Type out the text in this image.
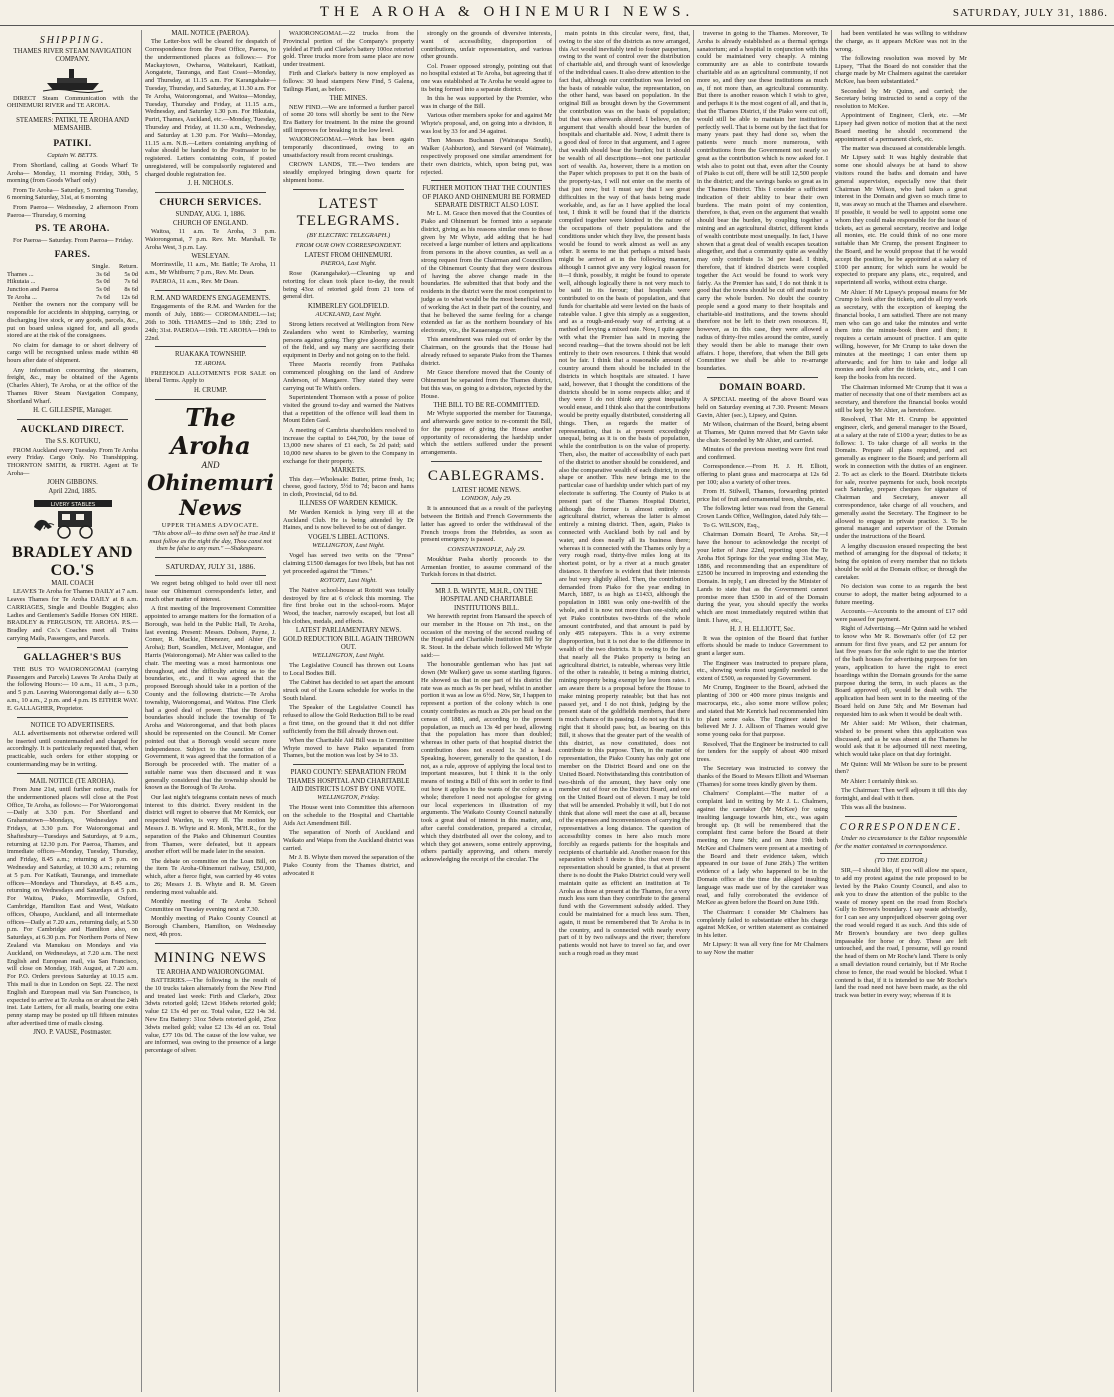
THE AROHA & OHINEMURI NEWS.	SATURDAY, JULY 31, 1886.
SHIPPING.
THAMES RIVER STEAM NAVIGATION COMPANY.

DIRECT Steam Communication with the OHINEMURI RIVER and TE AROHA.

STEAMERS: PATIKI, TE AROHA AND MEMSAHIB.
PATIKI.
Captain W. BETTS.

From Shortland, calling at Goods Wharf Te Aroha— Monday, 11 morning Friday, 30th, 5 morning (from Goods Wharf only)

From Te Aroha— Saturday, 5 morning Tuesday, 6 morning Saturday, 31st, at 6 morning

From Paeroa— Wednesday, 2 afternoon From Paeroa— Thursday, 6 morning

PS. TE AROHA.

For Paeroa— Saturday. From Paeroa— Friday.

FARES.
	Single.	Return.
Thames ...	3s 6d	5s 0d
Hikutaia ...	5s 0d	7s 6d
Junction and Paeroa	5s 0d	8s 6d
Te Aroha ...	7s 6d	12s 6d

Neither the owners nor the company will be responsible for accidents in shipping, carrying, or discharging live stock, or any goods, parcels, &c., put on board unless signed for, and all goods stored are at the risk of the consignees.

No claim for damage to or short delivery of cargo will be recognised unless made within 48 hours after date of shipment.

Any information concerning the steamers, freight, &c., may be obtained of the Agents (Charles Ahier), Te Aroha, or at the office of the Thames River Steam Navigation Company, Shortland Wharf.

H. C. GILLESPIE, Manager.
AUCKLAND DIRECT.
The S.S. KOTUKU,

FROM Auckland every Tuesday. From Te Aroha every Friday. Cargo Only. No Transhipping. THORNTON SMITH, & FIRTH. Agent at Te Aroha—

JOHN GIBBONS.
April 22nd, 1885.
LIVERY STABLES
BRADLEY AND CO.'S
MAIL COACH

LEAVES Te Aroha for Thames DAILY at 7 a.m. Leaves Thames for Te Aroha DAILY at 8 a.m. CARRIAGES, Single and Double Buggies; also Ladies and Gentlemen's Saddle Horses ON HIRE. BRADLEY & FERGUSON, TE AROHA. P.S.—Bradley and Co.'s Coaches meet all Trains carrying Mails, Passengers, and Parcels.

GALLAGHER'S BUS

THE BUS TO WAIORONGOMAI (carrying Passengers and Parcels) Leaves Te Aroha Daily at the following Hours:— 10 a.m., 11 a.m., 3 p.m., and 5 p.m. Leaving Waiorongomai daily at— 6.30 a.m., 10 a.m., 2 p.m. and 4 p.m. IS EITHER WAY. E. GALLAGHER, Proprietor.

NOTICE TO ADVERTISERS.

ALL advertisements not otherwise ordered will be inserted until countermanded and charged for accordingly. It is particularly requested that, when practicable, such orders for either stopping or countermanding may be in writing.

MAIL NOTICE (TE AROHA).

From June 21st, until further notice, mails for the undermentioned places will close at the Post Office, Te Aroha, as follows:— For Waiorongomai—Daily at 3.30 p.m. For Shortland and Grahamstown—Mondays, Wednesdays and Fridays, at 3.30 p.m. For Waiorongomai and Shaftesbury—Tuesdays and Saturdays, at 9 a.m., returning at 12.30 p.m. For Paeroa, Thames, and immediate offices—Monday, Tuesday, Thursday, and Friday, 8.45 a.m.; returning at 5 p.m. on Wednesday and Saturday, at 10.30 a.m.; returning at 5 p.m. For Katikati, Tauranga, and immediate offices—Mondays and Thursdays, at 8.45 a.m., returning on Wednesdays and Saturdays at 5 p.m. For Waitoa, Piako, Morrinsville, Oxford, Cambridge, Hamilton East and West, Waikato offices, Ohaupo, Auckland, and all intermediate offices—Daily at 7.20 a.m., returning daily, at 5.30 p.m. For Cambridge and Hamilton also, on Saturdays, at 6.30 p.m. For Northern Ports of New Zealand via Manukau on Mondays and via Auckland, on Wednesdays, at 7.20 a.m. The next English and European mail, via San Francisco, will close on Monday, 16th August, at 7.20 a.m. For P.O. Orders previous Saturday at 10.15 a.m. This mail is due in London on Sept. 22. The next English and European mail via San Francisco, is expected to arrive at Te Aroha on or about the 24th inst. Late Letters, for all mails, bearing one extra penny stamp may be posted up till fifteen minutes after advertised time of mails closing.

JNO. P. VAUSE, Postmaster.
MAIL NOTICE (PAEROA).

The Letter-box will be cleared for despatch of Correspondence from the Post Office, Paeroa, to the undermentioned places as follows:— For Mackaytown, Owharoa, Waitekauri, Katikati, Aongatete, Tauranga, and East Coast—Monday, and Thursday, at 11.15 a.m. For Karangahake—Tuesday, Thursday, and Saturday, at 11.30 a.m. For Te Aroha, Waiorongomai, and Waitoa—Monday, Tuesday, Thursday and Friday, at 11.15 a.m., Wednesday, and Saturday 1.30 p.m. For Hikutaia, Puriri, Thames, Auckland, etc.—Monday, Tuesday, Thursday and Friday, at 11.30 a.m., Wednesday, and Saturday at 1.30 p.m. For Waihi—Monday, 11.15 a.m. N.B.—Letters containing anything of value should be handed to the Postmaster to be registered. Letters containing coin, if posted unregistered, will be compulsorily registered and charged double registration fee.

J. H. NICHOLS.
CHURCH SERVICES.
SUNDAY, AUG. 1, 1886.
CHURCH OF ENGLAND.

Waitoa, 11 a.m. Te Aroha, 3 p.m. Waiorongomai, 7 p.m. Rev. Mr. Marshall. Te Aroha West, 3 p.m. Lay.

WESLEYAN.

Morrinsville, 11 a.m., Mr. Battle; Te Aroha, 11 a.m., Mr Whitburn; 7 p.m., Rev. Mr. Dean.

PAEROA, 11 a.m., Rev. Mr Dean.

R.M. AND WARDEN'S ENGAGEMENTS.

Engagements of the R.M. and Warden for the month of July, 1886:— COROMANDEL—1st; 26th to 30th. THAMES—2nd to 18th; 23rd to 24th; 31st. PAEROA—19th. TE AROHA—19th to 22nd.

RUAKAKA TOWNSHIP.
TE AROHA.

FREEHOLD ALLOTMENTS FOR SALE on liberal Terms. Apply to

H. CRUMP.
The Aroha
AND
Ohinemuri News
UPPER THAMES ADVOCATE.

"This above all—to thine own self be true And it must follow as the night the day, Thou canst not then be false to any man." —Shakespeare.

SATURDAY, JULY 31, 1886.

We regret being obliged to hold over till next issue our Ohinemuri correspondent's letter, and much other matter of interest.

A first meeting of the Improvement Committee appointed to arrange matters for the formation of a Borough, was held in the Public Hall, Te Aroha, last evening. Present: Messrs. Dobson, Payne, J. Comer, R. Mackie, Ebenezer, and Ahier (Te Aroha); Burt, Scandlen, McLiver, Montague, and Harris (Waiorongomai). Mr Ahier was called to the chair. The meeting was a most harmonious one throughout, and the difficulty arising as to the boundaries, etc., and it was agreed that the proposed Borough should take in a portion of the County and the following districts:—Te Aroha township, Waiorongomai, and Waitoa. Fine Clerk had a good deal of power. That the Borough boundaries should include the township of Te Aroha and Waiorongomai, and that both places should be represented on the Council. Mr Comer pointed out that a Borough would secure more independence. Subject to the sanction of the Government, it was agreed that the formation of a Borough be proceeded with. The matter of a suitable name was then discussed and it was generally considered that the township should be known as the Borough of Te Aroha.

Our last night's telegrams contain news of much interest to this district. Every resident in the district will regret to observe that Mr Kemick, our respected Warden, is very ill. The motion by Messrs J. B. Whyte and R. Monk, M'H.R., for the separation of the Piako and Ohinemuri Counties from Thames, were defeated, but it appears another effort will be made later in the session.

The debate on committee on the Loan Bill, on the item Te Aroha-Ohinemuri railway, £50,000, which, after a fierce fight, was carried by 46 votes to 26; Messrs J. B. Whyte and R. M. Green rendering most valuable aid.

Monthly meeting of Te Aroha School Committee on Tuesday evening next at 7.30.

Monthly meeting of Piako County Council at Borough Chambers, Hamilton, on Wednesday next, 4th prox.

MINING NEWS
TE AROHA AND WAIORONGOMAI.

BATTERIES.—The following is the result of the 10 trucks taken alternately from the New Find and treated last week: Firth and Clarke's, 20oz 3dwts retorted gold; 12cwt 16dwts retorted gold; value £2 13s 4d per oz. Total value, £22 14s 3d. New Era Battery: 31oz 5dwts retorted gold, 25oz 3dwts melted gold; value £2 13s 4d an oz. Total value, £77 10s 0d. The cause of the low value, we are informed, was owing to the presence of a large percentage of silver.

WAIORONGOMAI.—22 trucks from the Provincial portion of the Company's property yielded at Firth and Clarke's battery 100oz retorted gold. Three trucks more from same place are now under treatment.

Firth and Clarke's battery is now employed as follows: 30 head stampers New Find, 5 Galena, Tailings Plant, as before.

THE MINES.

NEW FIND.—We are informed a further parcel of some 20 tons will shortly be sent to the New Era Battery for treatment. In the mine the ground still improves for breaking in the low level.

WAIORONGOMAI.—Work has been again temporarily discontinued, owing to an unsatisfactory result from recent crushings.

CROWN LANDS, TE.—Two tenders are steadily employed bringing down quartz for shipment home.

LATEST TELEGRAMS.
(BY ELECTRIC TELEGRAPH.)
FROM OUR OWN CORRESPONDENT.
LATEST FROM OHINEMURI.
PAEROA, Last Night.

Rose (Karangahake).—Cleaning up and retorting for clean took place to-day, the result being 43oz of retorted gold from 21 tons of general dirt.

KIMBERLEY GOLDFIELD.
AUCKLAND, Last Night.

Strong letters received at Wellington from New Zealanders who went to Kimberley, warning persons against going. They give gloomy accounts of the field, and say many are sacrificing their equipment in Derby and not going on to the field.

Three Maoris recently from Patihaka commenced ploughing on the land of Andrew Anderson, of Mangaere. They stated they were carrying out Te Whiti's orders.

Superintendent Thomson with a posse of police visited the ground to-day and warned the Natives that a repetition of the offence will lead them in Mount Eden Gaol.

A meeting of Cambria shareholders resolved to increase the capital to £44,700, by the issue of 13,000 new shares of £1 each, 5s 2d paid; said 10,000 new shares to be given to the Company in exchange for their property.

MARKETS.

This day.—Wholesale: Butter, prime fresh, 1s; cheese, good factory, 5½d to 7d; bacon and hams in cloth, Provincial, 6d to 8d.

ILLNESS OF WARDEN KEMICK.

Mr Warden Kemick is lying very ill at the Auckland Club. He is being attended by Dr Haines, and is now believed to be out of danger.

VOGEL'S LIBEL ACTIONS.
WELLINGTON, Last Night.

Vogel has served two writs on the "Press" claiming £1500 damages for two libels, but has not yet proceeded against the "Times."

ROTOITI, Last Night.

The Native school-house at Rotoiti was totally destroyed by fire at 6 o'clock this morning. The fire first broke out in the school-room. Major Wood, the teacher, narrowly escaped, but lost all his clothes, medals, and effects.

LATEST PARLIAMENTARY NEWS.
GOLD REDUCTION BILL AGAIN THROWN OUT.
WELLINGTON, Last Night.

The Legislative Council has thrown out Loans to Local Bodies Bill.

The Cabinet has decided to set apart the amount struck out of the Loans schedule for works in the South Island.

The Speaker of the Legislative Council has refused to allow the Gold Reduction Bill to be read a first time, on the ground that it did not differ sufficiently from the Bill already thrown out.

When the Charitable Aid Bill was in Committee Whyte moved to have Piako separated from Thames, but the motion was lost by 34 to 33.

PIAKO COUNTY: SEPARATION FROM THAMES HOSPITAL AND CHARITABLE AID DISTRICTS LOST BY ONE VOTE.
WELLINGTON, Friday.

The House went into Committee this afternoon on the schedule to the Hospital and Charitable Aids Act Amendment Bill.

The separation of North of Auckland and Waikato and Waipa from the Auckland district was carried.

Mr J. B. Whyte then moved the separation of the Piako County from the Thames district, and advocated it

strongly on the grounds of diversive interests, want of accessibility, disproportion of contributions, unfair representation, and various other grounds.

Col. Fraser opposed strongly, pointing out that no hospital existed at Te Aroha, but agreeing that if one was established at Te Aroha he would agree to its being formed into a separate district.

In this he was supported by the Premier, who was in charge of the Bill.

Various other members spoke for and against Mr Whyte's proposal, and, on going into a division, it was lost by 33 for and 34 against.

Then Messrs Buchanan (Wairarapa South), Walker (Ashburton), and Steward (of Waimate), respectively proposed one similar amendment for their own districts, which, upon being put, was rejected.

FURTHER MOTION THAT THE COUNTIES OF PIAKO AND OHINEMURI BE FORMED SEPARATE DISTRICT ALSO LOST.

Mr L. M. Grace then moved that the Counties of Piako and Ohinemuri be formed into a separate district, giving as his reasons similar ones to those given by Mr Whyte, add adding that he had received a large number of letters and applications from persons in the above counties, as well as a strong request from the Chairman and Councillors of the Ohinemuri County that they were desirous of having the above change made in the boundaries. He submitted that that body and the residents in the district were the most competent to judge as to what would be the most beneficial way of working the Act in their part of the country, and that he believed the same feeling for a change extended as far as the northern boundary of his electorate, viz., the Kauaeranga river.

This amendment was ruled out of order by the Chairman, on the grounds that the House had already refused to separate Piako from the Thames district.

Mr Grace therefore moved that the County of Ohinemuri be separated from the Thames district, but this was, on going to a division, rejected by the House.

THE BILL TO BE RE-COMMITTED.

Mr Whyte supported the member for Tauranga, and afterwards gave notice to re-commit the Bill, for the purpose of giving the House another opportunity of reconsidering the hardship under which the settlers suffered under the present arrangements.

CABLEGRAMS.
LATEST HOME NEWS.
LONDON, July 29.

It is announced that as a result of the parleying between the British and French Governments the latter has agreed to order the withdrawal of the French troops from the Hebrides, as soon as present emergency is passed.

CONSTANTINOPLE, July 29.

Moukhtar Pasha shortly proceeds to the Armenian frontier, to assume command of the Turkish forces in that district.

MR J. B. WHYTE, M.H.R., ON THE HOSPITAL AND CHARITABLE INSTITUTIONS BILL.

We herewith reprint from Hansard the speech of our member in the House on 7th inst., on the occasion of the moving of the second reading of the Hospital and Charitable Institution Bill by Sir R. Stout. In the debate which followed Mr Whyte said:—

The honourable gentleman who has just sat down (Mr Walker) gave us some startling figures. He showed us that in one part of his district the rate was as much as 9s per head, whilst in another portion it was as low as 6½d. Now, Sir, I happen to represent a portion of the colony which is one county contributes as much as 20s per head on the census of 1881, and, according to the present population, as much as 13s 4d per head, allowing that the population has more than doubled; whereas in other parts of that hospital district the contribution does not exceed 1s 3d a head. Speaking, however, generally to the question, I do not, as a rule, approve of applying the local test to important measures, but I think it is the only means of testing a Bill of this sort in order to find out how it applies to the wants of the colony as a whole; therefore I need not apologise for giving our local experiences in illustration of my arguments. The Waikato County Council naturally took a great deal of interest in this matter, and, after careful consideration, prepared a circular, which they distributed all over the colony, and to which they got answers, some entirely approving, others partially approving, and others merely acknowledging the receipt of the circular. The

main points in this circular were, first, that, owing to the size of the districts as now arranged, this Act would inevitably tend to foster pauperism, owing to the want of control over the distribution of charitable aid, and through want of knowledge of the individual cases. It also drew attention to the fact that, although our contribution was levied on the basis of rateable value, the representation, on the other hand, was based on population. In the original Bill as brought down by the Government the contribution was on the basis of population; but that was afterwards altered. I believe, on the argument that wealth should bear the burden of hospitals and charitable aid. Now, I admit there is a good deal of force in that argument, and I agree that wealth should bear the burden; but it should be wealth of all descriptions—not one particular sort of wealth. As, however, there is a motion on the Paper which proposes to put it on the basis of the property-tax, I will not enter on the merits of that just now; but I must say that I see great difficulties in the way of that basis being made workable, and, as far as I have applied the local test, I think it will be found that if the districts compiled together were kindred in the nature of the occupations of their populations and the conditions under which they live, the present basis would be found to work almost as well as any other. It seems to me that perhaps a mixed basis might be arrived at in the following manner, although I cannot give any very logical reason for it—I think, possibly, it might be found to operate well, although logically there is not very much to be said in its favour; that hospitals were contributed to on the basis of population, and that funds for charitable aid were levied on the basis of rateable value. I give this simply as a suggestion, and as a rough-and-ready way of arriving at a method of levying a mixed rate. Now, I quite agree with what the Premier has said in moving the second reading—that the towns should not be left entirely to their own resources. I think that would not be fair. I think that a reasonable amount of country around them should be included in the districts in which hospitals are situated. I have said, however, that I thought the conditions of the districts should be in some respects alike; and if they were I do not think any great inequality would ensue, and I think also that the contributions would be pretty equally distributed, considering all things. Then, as regards the matter of representation, that is at present exceedingly unequal, being as it is on the basis of population, while the contribution is on the value of property. Then, also, the matter of accessibility of each part of the district to another should be considered, and also the comparative wealth of each district, in one shape or another. This new brings me to the particular case of hardship under which part of my electorate is suffering. The County of Piako is at present part of the Thames Hospital District, although the former is almost entirely an agricultural district, whereas the latter is almost entirely a mining district. Then, again, Piako is connected with Auckland both by rail and by water, and does nearly all its business there; whereas it is connected with the Thames only by a very rough road, thirty-five miles long at its shortest point, or by a river at a much greater distance. It therefore is evident that their interests are but very slightly allied. Then, the contribution demanded from Piako for the year ending in March, 1887, is as high as £1433, although the population in 1881 was only one-twelfth of the whole, and it is now not more than one-sixth; and yet Piako contributes two-thirds of the whole amount contributed, and that amount is paid by only 495 ratepayers. This is a very extreme disproportion, but it is not due to the difference in wealth of the two districts. It is owing to the fact that nearly all the Piako property is being an agricultural district, is rateable, whereas very little of the other is rateable, it being a mining district, mining property being exempt by law from rates. I am aware there is a proposal before the House to make mining property rateable; but that has not passed yet, and I do not think, judging by the present state of the goldfields members, that there is much chance of its passing. I do not say that it is right that it should pass; but, as bearing on this Bill, it shows that the greater part of the wealth of this district, as now constituted, does not contribute to this purpose. Then, in the matter of representation, the Piako County has only got one member on the District Board and one on the United Board. Notwithstanding this contribution of two-thirds of the amount, they have only one member out of four on the District Board, and one on the United Board out of eleven. I may be told that will be amended. Probably it will, but I do not think that alone will meet the case at all, because of the expenses and inconveniences of carrying the representatives a long distance. The question of accessibility comes in here also much more forcibly as regards patients for the hospitals and recipients of charitable aid. Another reason for this separation which I desire is this: that even if the representation should be granted, is that at present there is no doubt the Piako District could very well maintain quite as efficient an institution at Te Aroha as those at present at the Thames, for a very much less sum than they contribute to the general fund with the Government subsidy added. They could be maintained for a much less sum. Then, again, it must be remembered that Te Aroha is in the country, and is connected with nearly every part of it by two railways and the river; therefore patients would not have to travel so far, and over such a rough road as they must

traverse in going to the Thames. Moreover, Te Aroha is already established as a thermal springs sanatorium; and a hospital in conjunction with this could be maintained very cheaply. A mining community are as able to contribute towards charitable aid as an agricultural community, if not more so, and they use these institutions as much as, if not more than, an agricultural community. But there is another reason which I wish to give, and perhaps it is the most cogent of all, and that is, that the Thames District, if the Piako were cut off, would still be able to maintain her institutions perfectly well. That is borne out by the fact that for many years past they had done so, when the patients were much more numerous, with contributions from the Government not nearly so great as the contribution which is now asked for. I wish also to point out that, even after the County of Piako is cut off, there will be still 12,500 people in the district; and the savings banks so great as in the Thames District. This I consider a sufficient indication of their ability to bear their own burdens. The main point of my contention, therefore, is that, even on the argument that wealth should bear the burden, by coupling together a mining and an agricultural district, different kinds of wealth contribute most unequally. In fact, I have shown that a great deal of wealth escapes taxation altogether, and that a community quite as wealthy may only contribute 1s 3d per head. I think, therefore, that if kindred districts were coupled together the Act would be found to work very fairly. As the Premier has said, I do not think it is good that the towns should be cut off and made to carry the whole burden. No doubt the country people send a good many to their hospitals and charitable-aid institutions, and the towns should therefore not be left to their own resources. If, however, as in this case, they were allowed a radius of thirty-five miles around the centre, surely they would then be able to manage their own affairs. I hope, therefore, that when the Bill gets Committee we shall be able to re-arrange boundaries.

DOMAIN BOARD.

A SPECIAL meeting of the above Board was held on Saturday evening at 7.30. Present: Messrs Gavin, Ahier (sec.), Lipsey, and Quinn.

Mr Wilson, chairman of the Board, being absent at Thames, Mr Quinn moved that Mr Gavin take the chair. Seconded by Mr Ahier, and carried.

Minutes of the previous meeting were first read and confirmed.

Correspondence.—From H. J. H. Elliott, offering to plant grass and macrocarpa at 12s 6d per 100; also a variety of other trees.

From H. Stilwell, Thames, forwarding printed price list of fruit and ornamental trees, shrubs, etc.

The following letter was read from the General Crown Lands Office, Wellington, dated July 6th:—

To G. WILSON, Esq.,

Chairman Domain Board, Te Aroha. Sir,—I have the honour to acknowledge the receipt of your letter of June 22nd, reporting upon the Te Aroha Hot Springs for the year ending 31st May, 1886, and recommending that an expenditure of £2500 be incurred in improving and extending the Domain. In reply, I am directed by the Minister of Lands to state that as the Government cannot promise more than £500 in aid of the Domain during the year, you should specify the works which are most immediately required within that limit. I have, etc.,

H. J. H. ELLIOTT, Sec.

It was the opinion of the Board that further efforts should be made to induce Government to grant a larger sum.

The Engineer was instructed to prepare plans, etc., showing works most urgently needed to the extent of £500, as requested by Government.

Mr Crump, Engineer to the Board, advised the planting of 300 or 400 more pinus insignis and macrocarpa, etc., also some more willow poles; and stated that Mr Kenrick had recommended him to plant some oaks. The Engineer stated he believed Mr J. J. Allison of Thames would give some young oaks for that purpose.

Resolved, That the Engineer be instructed to call for tenders for the supply of about 400 mixed trees.

The Secretary was instructed to convey the thanks of the Board to Messrs Elliott and Wiseman (Thames) for some trees kindly given by them.

Chalmers' Complaint.—The matter of a complaint laid in writing by Mr J. L. Chalmers, against the caretaker (Mr McKee) for using insulting language towards him, etc., was again brought up. (It will be remembered that the complaint first came before the Board at their meeting on June 5th; and on June 19th both McKee and Chalmers were present at a meeting of the Board and their evidence taken, which appeared in our issue of June 26th.) The written evidence of a lady who happened to be in the Domain office at the time the alleged insulting language was made use of by the caretaker was read, and fully corroborated the evidence of McKee as given before the Board on June 19th.

The Chairman: I consider Mr Chalmers has completely failed to substantiate either his charge against McKee, or written statement as contained in his letter.

Mr Lipsey: It was all very fine for Mr Chalmers to say Now the matter

had been ventilated he was willing to withdraw the charge, as it appears McKee was not in the wrong.

The following resolution was moved by Mr Lipsey, "That the Board do not consider that the charge made by Mr Chalmers against the caretaker McKee, has been substantiated."

Seconded by Mr Quinn, and carried; the Secretary being instructed to send a copy of the resolution to McKee.

Appointment of Engineer, Clerk, etc. —Mr Lipsey had given notice of motion that at the next Board meeting he should recommend the appointment of a permanent clerk, etc.

The matter was discussed at considerable length.

Mr Lipsey said: It was highly desirable that some one should always be at hand to show visitors round the baths and domain and have general supervision, especially now that their Chairman Mr Wilson, who had taken a great interest in the Domain and given so much time to it, was away so much at the Thames and elsewhere. If possible, it would be well to appoint some one whom they could make responsible for the issue of tickets, act as general secretary, receive and lodge all monies, etc. He could think of no one more suitable than Mr Crump, the present Engineer to the Board, and he would propose that if he would accept the position, he be appointed at a salary of £100 per annum; for which sum he would be expected to prepare any plans, etc., required, and superintend all works, without extra charge.

Mr Ahier: If Mr Lipsey's proposal means for Mr Crump to look after the tickets, and do all my work as secretary, with the exception of keeping the financial books, I am satisfied. There are not many men who can go and take the minutes and write them into the minute-book there and then; it requires a certain amount of practice. I am quite willing, however, for Mr Crump to take down the minutes at the meetings; I can enter them up afterwards; and for him to take and lodge all monies and look after the tickets, etc., and I can keep the books from his record.

The Chairman informed Mr Crump that it was a matter of necessity that one of their members act as secretary, and therefore the financial books would still be kept by Mr Ahier, as heretofore.

Resolved, That Mr H. Crump be appointed engineer, clerk, and general manager to the Board, at a salary at the rate of £100 a year; duties to be as follows: 1. To take charge of all works in the Domain. Prepare all plans required, and act generally as engineer to the Board; and perform all work in connection with the duties of an engineer. 2. To act as clerk to the Board. Distribute tickets for sale, receive payments for such, book receipts each Saturday, prepare cheques for signature of Chairman and Secretary, answer all correspondence, take charge of all vouchers, and generally assist the Secretary. The Engineer to be allowed to engage in private practice. 3. To be general manager and supervisor of the Domain under the instructions of the Board.

A lengthy discussion ensued respecting the best method of arranging for the disposal of tickets; it being the opinion of every member that no tickets should be sold at the Domain office; or through the caretaker.

No decision was come to as regards the best course to adopt, the matter being adjourned to a future meeting.

Accounts.—Accounts to the amount of £17 odd were passed for payment.

Right of Advertising.—Mr Quinn said he wished to know who Mr R. Bowman's offer (of £2 per annum for first five years, and £2 per annum for last five years for the sole right to use the interior of the bath houses for advertising purposes for ten years, application to have the right to erect hoardings within the Domain grounds for the same purpose during the term, in such places as the Board approved of), would be dealt with. The application had been sent in to the meeting of the Board held on June 5th; and Mr Bowman had requested him to ask when it would be dealt with.

Mr Ahier said: Mr Wilson, their chairman, wished to be present when this application was discussed, and as he was absent at the Thames he would ask that it be adjourned till next meeting, which would take place on that day fortnight.

Mr Quinn: Will Mr Wilson be sure to be present then?

Mr Ahier: I certainly think so.

The Chairman: Then we'll adjourn it till this day fortnight, and deal with it then.

This was all the business.

CORRESPONDENCE.

Under no circumstance is the Editor responsible for the matter contained in correspondence.

(TO THE EDITOR.)

SIR,—I should like, if you will allow me space, to add my protest against the rate proposed to be levied by the Piako County Council, and also to ask you to draw the attention of the public to the waste of money spent on the road from Roche's Gully to Brown's boundary. I say waste advisedly, for I can see any unprejudiced observer going over the road would regard it as such. And this side of Mr Brown's boundary are two deep gullies impassable for horse or dray. These are left untouched, and the road, I presume, will go round the head of them on Mr Roche's land. There is only a small deviation round certainly, but if Mr Roche chose to fence, the road would be blocked. What I contend is that, if it is intended to use Mr Roche's land the road need not have been made, as the old track was better in every way; whereas if it is
